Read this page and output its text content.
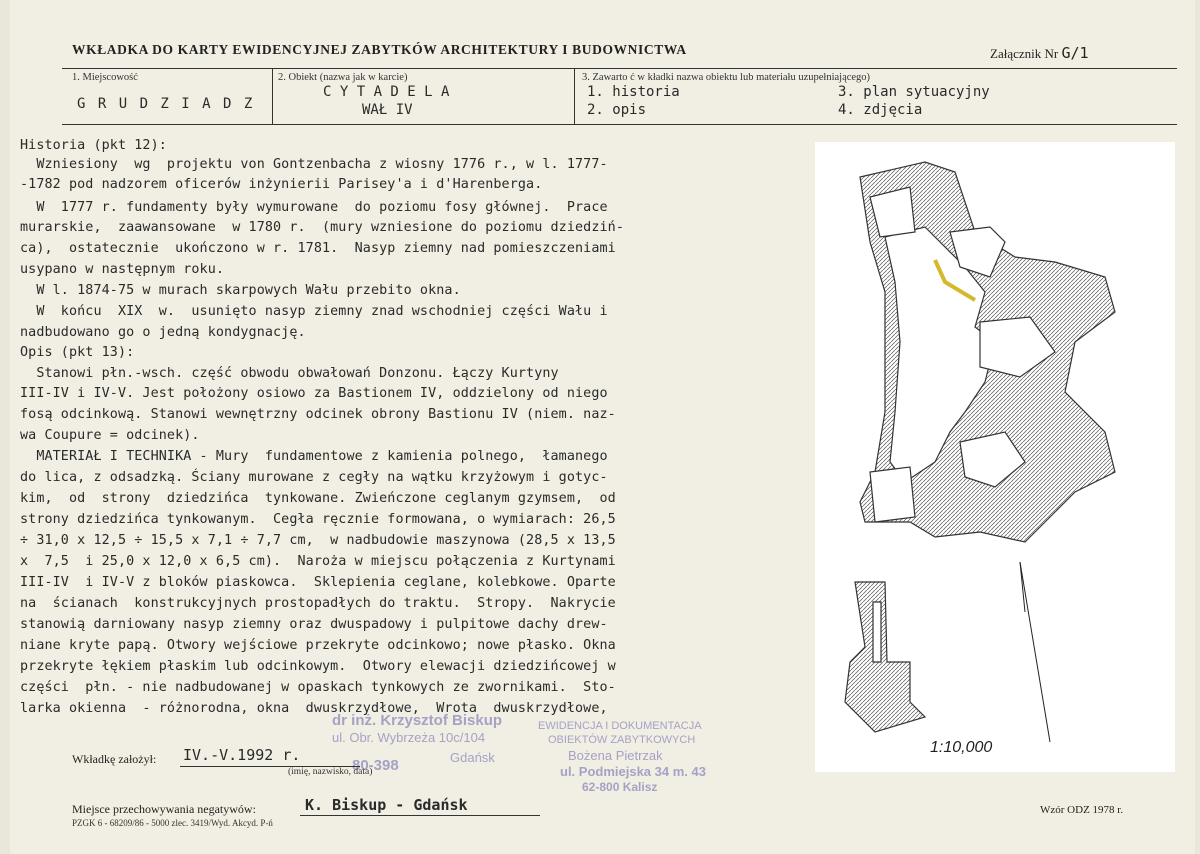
WKŁADKA DO KARTY EWIDENCYJNEJ ZABYTKÓW ARCHITEKTURY I BUDOWNICTWA	Załącznik Nr G/1
1. Miejscowość
G R U D Z I A D Z
2. Obiekt (nazwa jak w karcie)
C Y T A D E L A
WAŁ IV
3. Zawarto ć w kładki nazwa obiektu lub materiału uzupełniającego)
1. historia
2. opis
3. plan sytuacyjny
4. zdjęcia
Historia (pkt 12):
Wzniesiony  wg  projektu von Gontzenbacha z wiosny 1776 r., w l. 1777-
-1782 pod nadzorem oficerów inżynierii Parisey'a i d'Harenberga.
W  1777 r. fundamenty były wymurowane  do poziomu fosy głównej.  Prace
murarskie,  zaawansowane  w 1780 r.  (mury wzniesione do poziomu dziedziń-
ca),  ostatecznie  ukończono w r. 1781.  Nasyp ziemny nad pomieszczeniami
usypano w następnym roku.
W l. 1874-75 w murach skarpowych Wału przebito okna.
W  końcu  XIX  w.  usunięto nasyp ziemny znad wschodniej części Wału i
nadbudowano go o jedną kondygnację.
Opis (pkt 13):
Stanowi płn.-wsch. część obwodu obwałowań Donzonu. Łączy Kurtyny
III-IV i IV-V. Jest położony osiowo za Bastionem IV, oddzielony od niego
fosą odcinkową. Stanowi wewnętrzny odcinek obrony Bastionu IV (niem. naz-
wa Coupure = odcinek).
MATERIAŁ I TECHNIKA - Mury  fundamentowe z kamienia polnego,  łamanego
do lica, z odsadzką. Ściany murowane z cegły na wątku krzyżowym i gotyc-
kim,  od  strony  dziedzińca  tynkowane. Zwieńczone ceglanym gzymsem,  od
strony dziedzińca tynkowanym.  Cegła ręcznie formowana, o wymiarach: 26,5
÷ 31,0 x 12,5 ÷ 15,5 x 7,1 ÷ 7,7 cm,  w nadbudowie maszynowa (28,5 x 13,5
x  7,5  i 25,0 x 12,0 x 6,5 cm).  Naroża w miejscu połączenia z Kurtynami
III-IV  i IV-V z bloków piaskowca.  Sklepienia ceglane, kolebkowe. Oparte
na  ścianach  konstrukcyjnych prostopadłych do traktu.  Stropy.  Nakrycie
stanowią darniowany nasyp ziemny oraz dwuspadowy i pulpitowe dachy drew-
niane kryte papą. Otwory wejściowe przekryte odcinkowo; nowe płasko. Okna
przekryte łękiem płaskim lub odcinkowym.  Otwory elewacji dziedzińcowej w
części  płn. - nie nadbudowanej w opaskach tynkowych ze zwornikami.  Sto-
larka okienna  - różnorodna, okna  dwuskrzydłowe,  Wrota  dwuskrzydłowe,
1:10,000
dr inż. Krzysztof Biskup
ul. Obr. Wybrzeża 10c/104
Gdańsk
80-398
EWIDENCJA I DOKUMENTACJA
OBIEKTÓW ZABYTKOWYCH
Bożena Pietrzak
ul. Podmiejska 34 m. 43
62-800 Kalisz
Wkładkę założył: IV.-V.1992 r.
(imię, nazwisko, data)
Miejsce przechowywania negatywów:	K. Biskup - Gdańsk
PZGK 6 - 68209/86 - 5000 zlec. 3419/Wyd. Akcyd. P-ń
Wzór ODZ 1978 r.
